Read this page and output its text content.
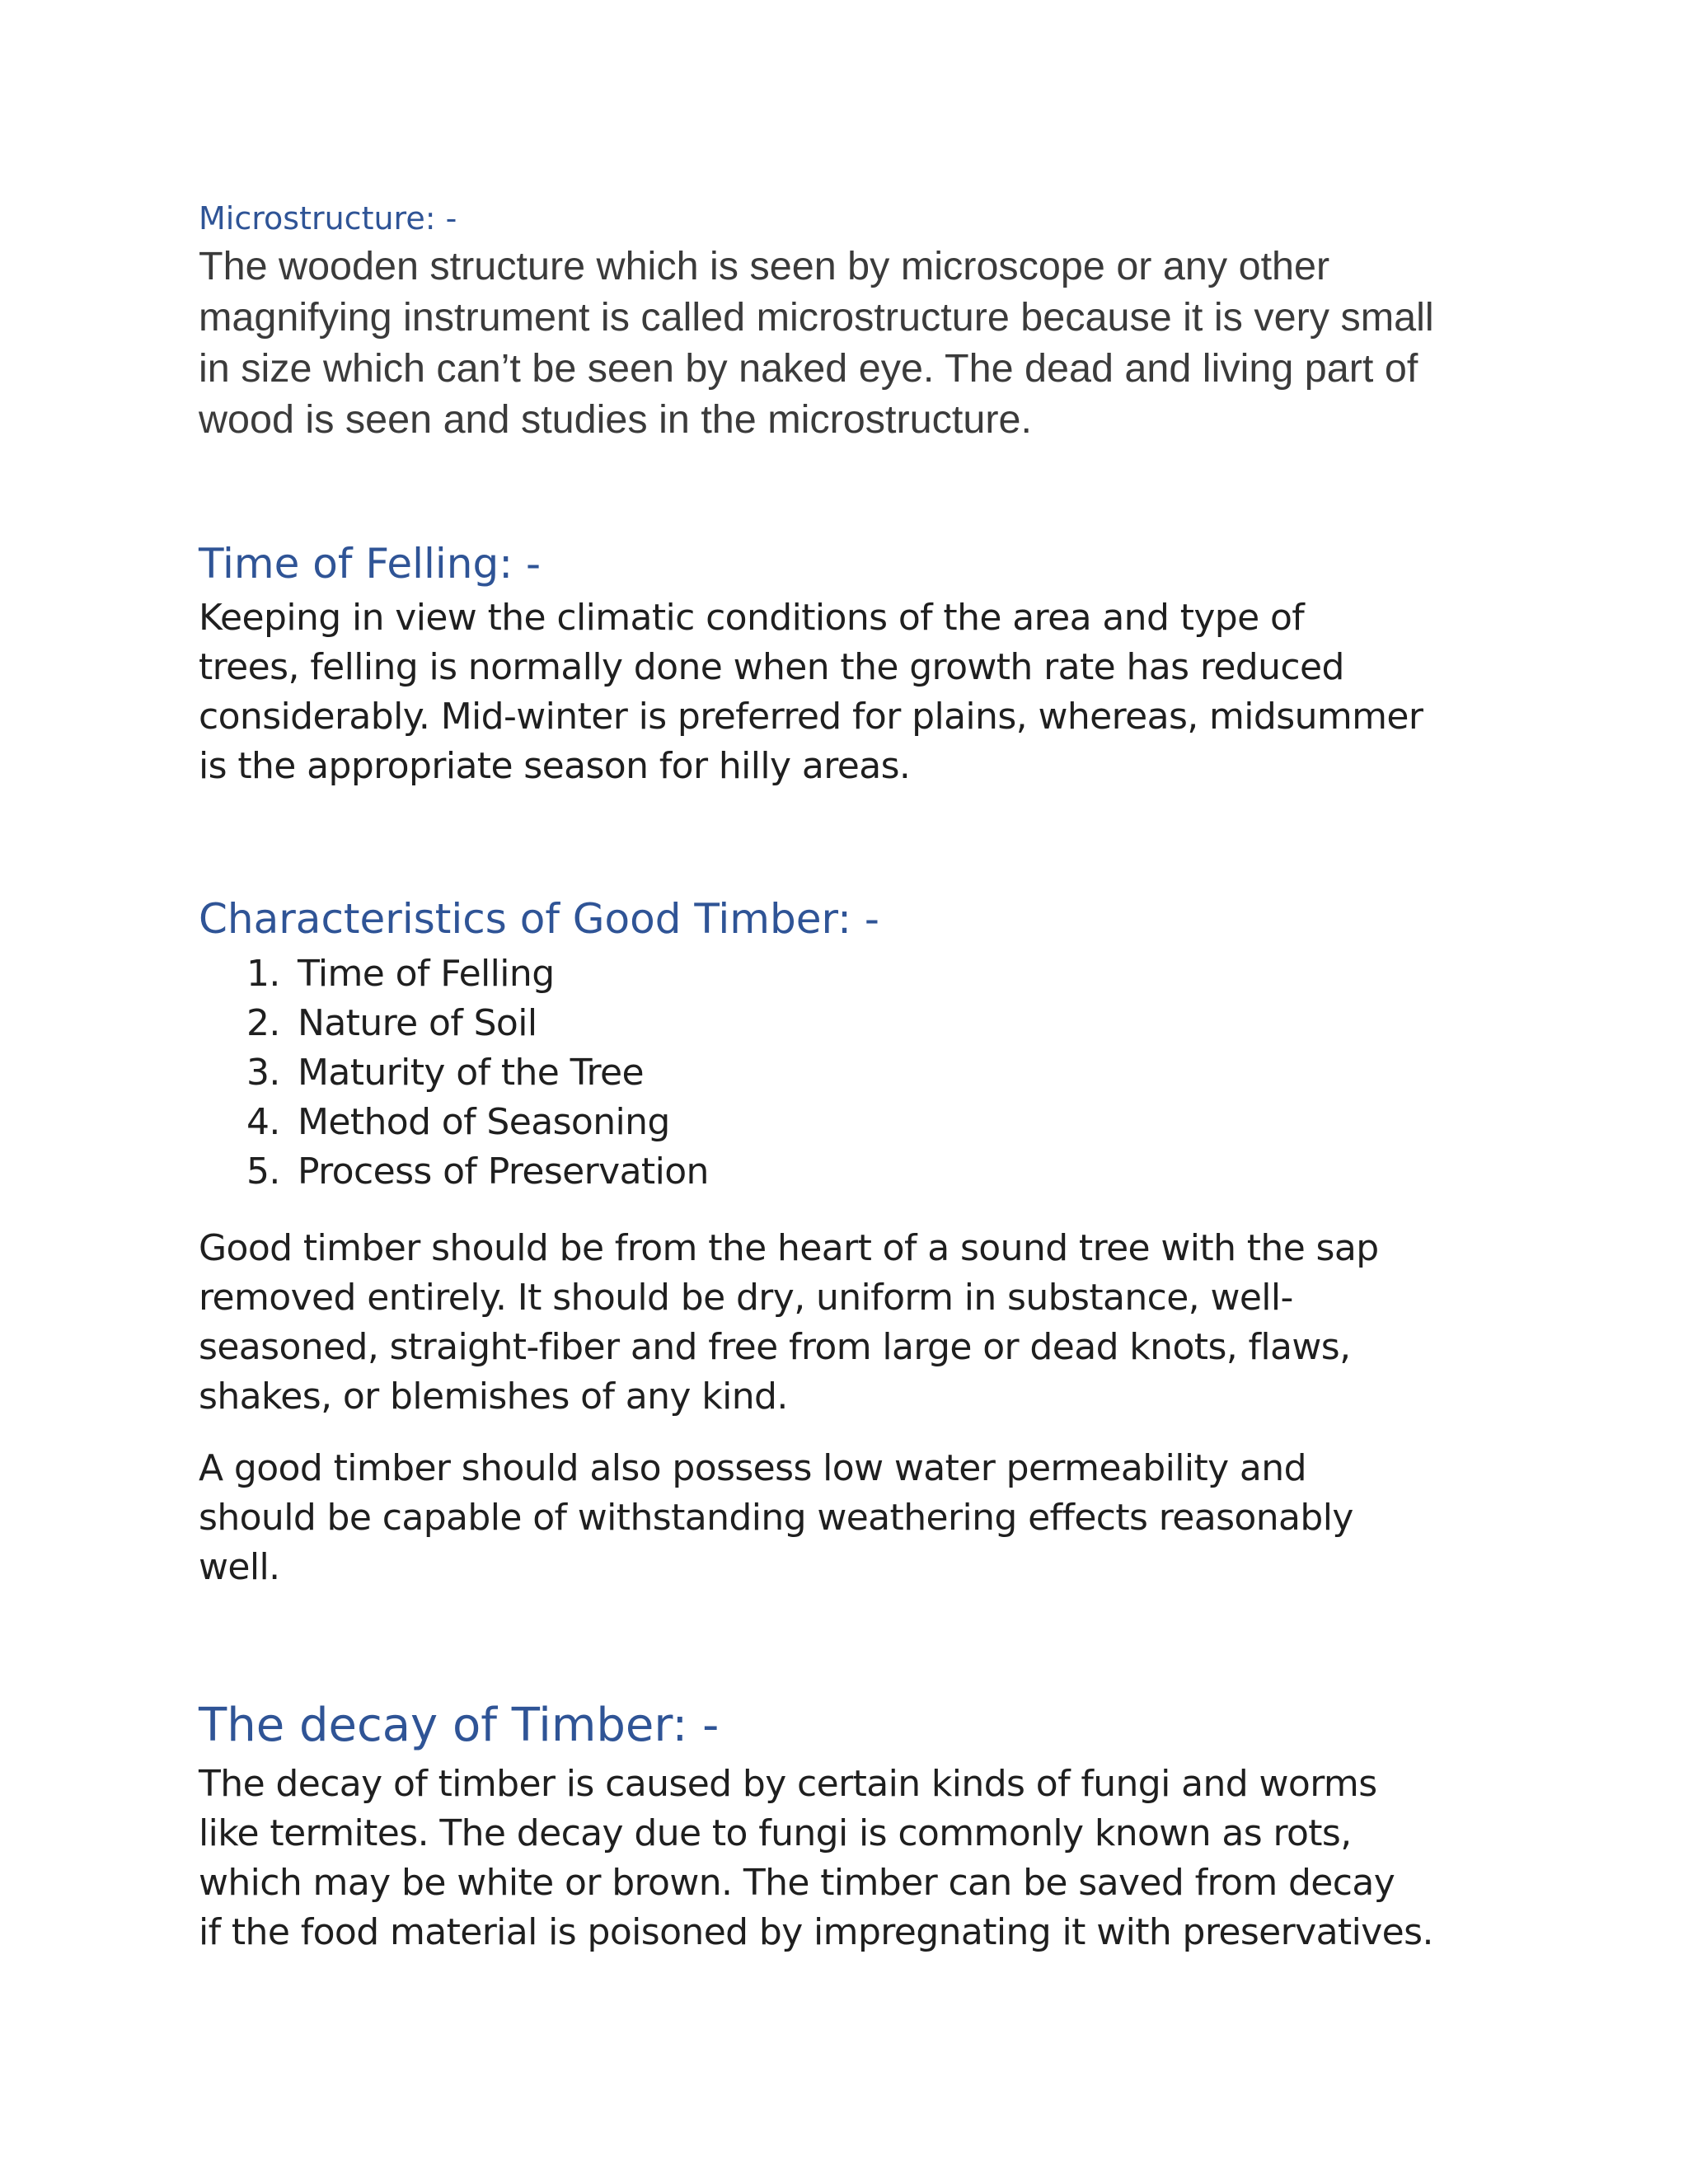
Microstructure: -
The wooden structure which is seen by microscope or any other
magnifying instrument is called microstructure because it is very small
in size which can’t be seen by naked eye. The dead and living part of
wood is seen and studies in the microstructure.
Time of Felling: -
Keeping in view the climatic conditions of the area and type of
trees, felling is normally done when the growth rate has reduced
considerably. Mid-winter is preferred for plains, whereas, midsummer
is the appropriate season for hilly areas.
Characteristics of Good Timber: -
1. Time of Felling
2. Nature of Soil
3. Maturity of the Tree
4. Method of Seasoning
5. Process of Preservation
Good timber should be from the heart of a sound tree with the sap
removed entirely. It should be dry, uniform in substance, well-
seasoned, straight-fiber and free from large or dead knots, flaws,
shakes, or blemishes of any kind.
A good timber should also possess low water permeability and
should be capable of withstanding weathering effects reasonably
well.
The decay of Timber: -
The decay of timber is caused by certain kinds of fungi and worms
like termites. The decay due to fungi is commonly known as rots,
which may be white or brown. The timber can be saved from decay
if the food material is poisoned by impregnating it with preservatives.
